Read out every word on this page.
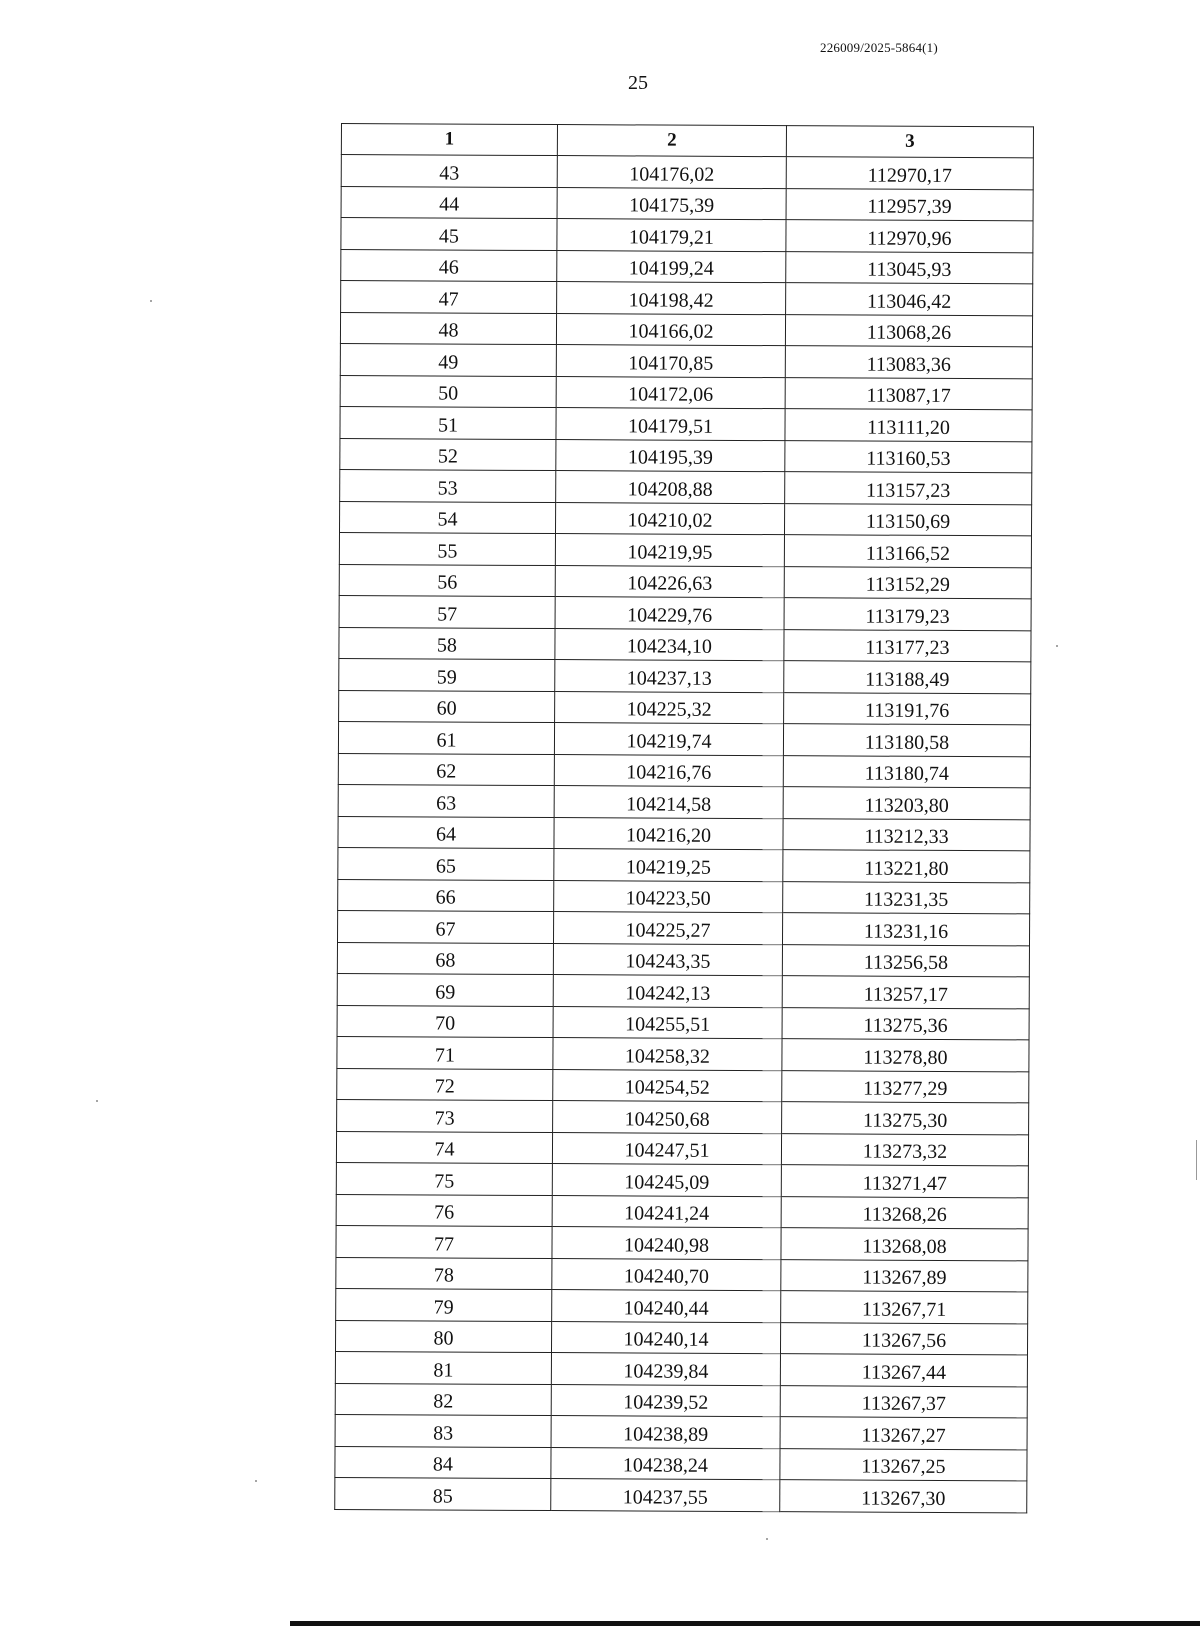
226009/2025-5864(1)
25
1	2	3
43	104176,02	112970,17
44	104175,39	112957,39
45	104179,21	112970,96
46	104199,24	113045,93
47	104198,42	113046,42
48	104166,02	113068,26
49	104170,85	113083,36
50	104172,06	113087,17
51	104179,51	113111,20
52	104195,39	113160,53
53	104208,88	113157,23
54	104210,02	113150,69
55	104219,95	113166,52
56	104226,63	113152,29
57	104229,76	113179,23
58	104234,10	113177,23
59	104237,13	113188,49
60	104225,32	113191,76
61	104219,74	113180,58
62	104216,76	113180,74
63	104214,58	113203,80
64	104216,20	113212,33
65	104219,25	113221,80
66	104223,50	113231,35
67	104225,27	113231,16
68	104243,35	113256,58
69	104242,13	113257,17
70	104255,51	113275,36
71	104258,32	113278,80
72	104254,52	113277,29
73	104250,68	113275,30
74	104247,51	113273,32
75	104245,09	113271,47
76	104241,24	113268,26
77	104240,98	113268,08
78	104240,70	113267,89
79	104240,44	113267,71
80	104240,14	113267,56
81	104239,84	113267,44
82	104239,52	113267,37
83	104238,89	113267,27
84	104238,24	113267,25
85	104237,55	113267,30
